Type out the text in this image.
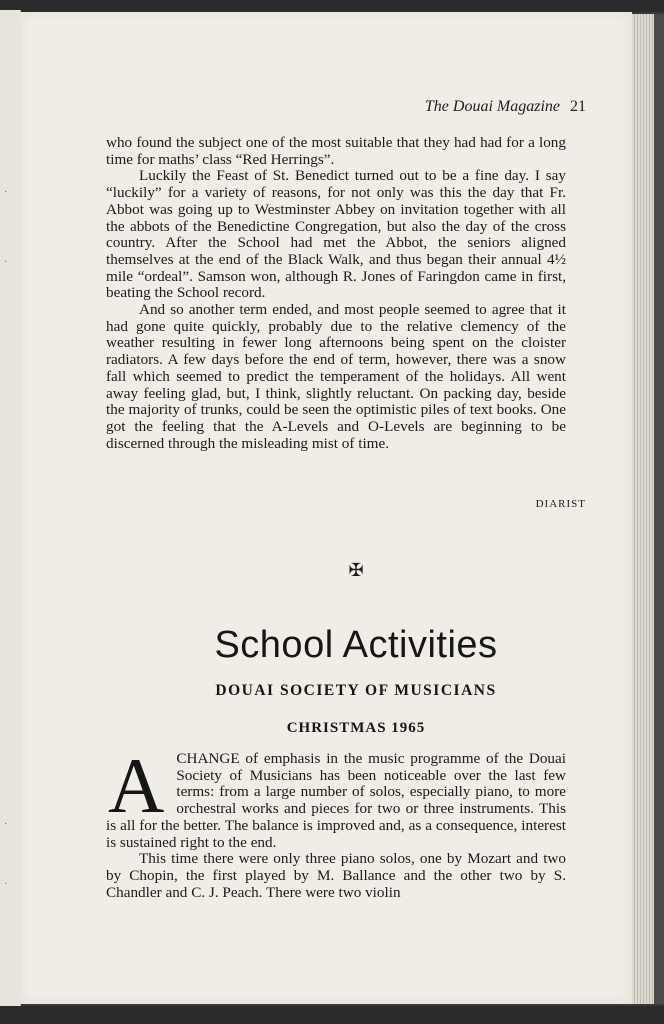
·
·
·
·
The Douai Magazine 21

who found the subject one of the most suitable that they had had for a long time for maths’ class “Red Herrings”.

Luckily the Feast of St. Benedict turned out to be a fine day. I say “luckily” for a variety of reasons, for not only was this the day that Fr. Abbot was going up to Westminster Abbey on invitation together with all the abbots of the Benedictine Congregation, but also the day of the cross country. After the School had met the Abbot, the seniors aligned themselves at the end of the Black Walk, and thus began their annual 4½ mile “ordeal”. Samson won, although R. Jones of Faringdon came in first, beating the School record.

And so another term ended, and most people seemed to agree that it had gone quite quickly, probably due to the relative clemency of the weather resulting in fewer long afternoons being spent on the cloister radiators. A few days before the end of term, however, there was a snow fall which seemed to predict the temperament of the holidays. All went away feeling glad, but, I think, slightly reluctant. On packing day, beside the majority of trunks, could be seen the optimistic piles of text books. One got the feeling that the A-Levels and O-Levels are beginning to be discerned through the misleading mist of time.

DIARIST
✠
School Activities
DOUAI SOCIETY OF MUSICIANS
CHRISTMAS 1965
A CHANGE of emphasis in the music programme of the Douai Society of Musicians has been noticeable over the last few terms: from a large number of solos, especially piano, to more orchestral works and pieces for two or three instruments. This is all for the better. The balance is improved and, as a consequence, interest is sustained right to the end.

This time there were only three piano solos, one by Mozart and two by Chopin, the first played by M. Ballance and the other two by S. Chandler and C. J. Peach. There were two violin
